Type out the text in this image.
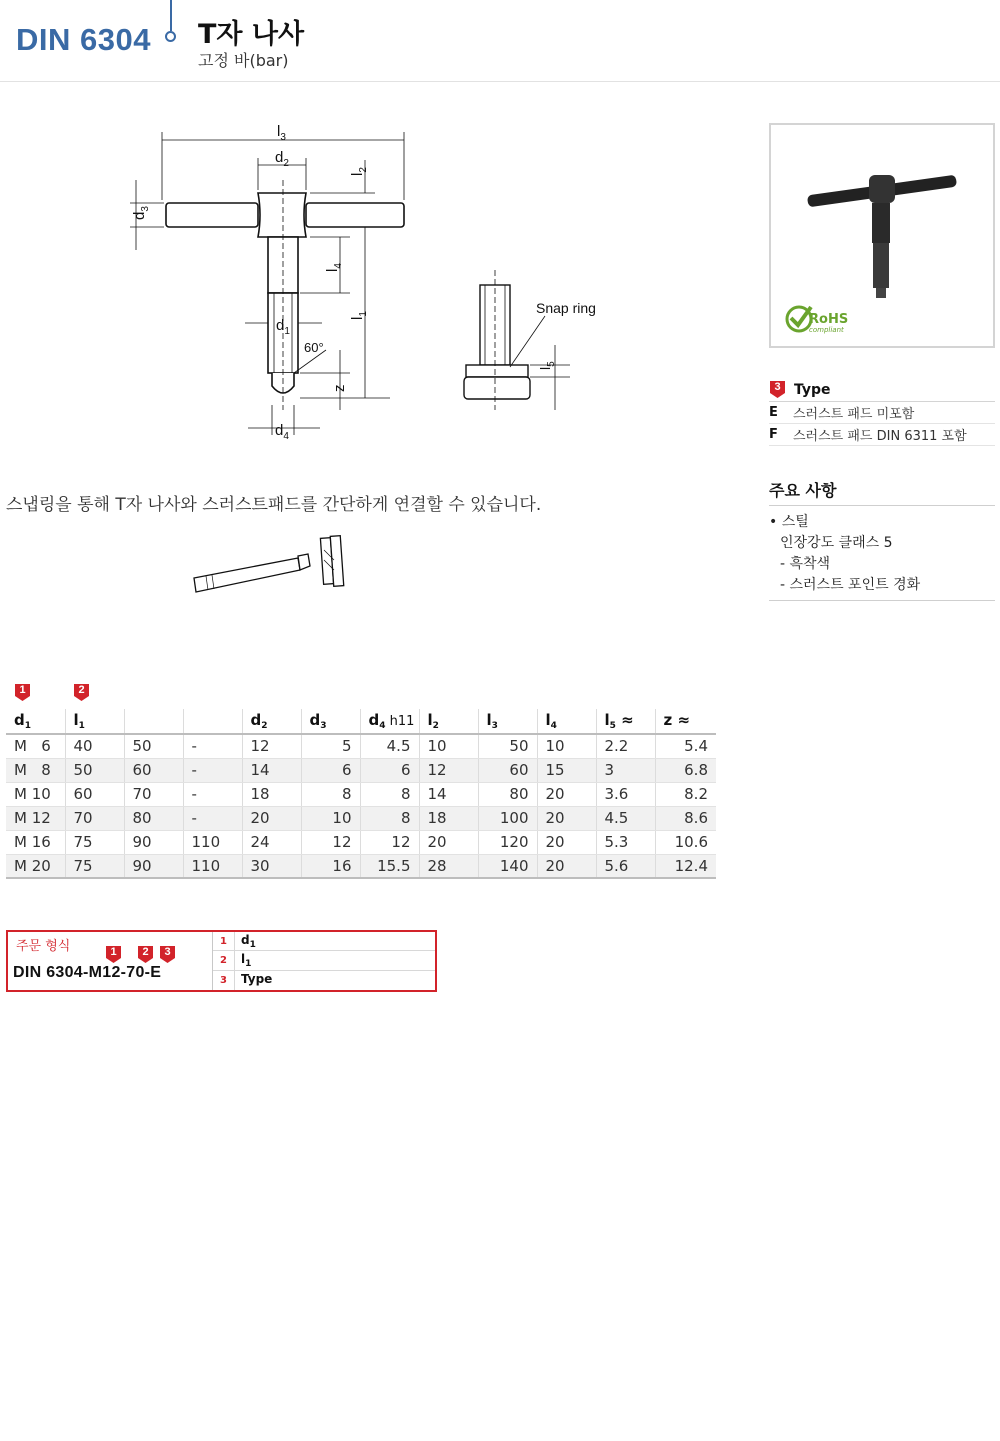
DIN 6304 T자 나사
고정 바(bar)
$l_3$
$d_2$
$d_3$
$l_2$
$l_4$
$l_1$
$d_1$
60°
z
$d_4$
Snap ring
$l_5$
RoHS
compliant
3 Type
E	스러스트 패드 미포함
F	스러스트 패드 DIN 6311 포함
주요 사항
• 스틸
인장강도 클래스 5
- 흑착색
- 스러스트 포인트 경화
스냅링을 통해 T자 나사와 스러스트패드를 간단하게 연결할 수 있습니다.
1	2
$d_1$	$l_1$			$d_2$	$d_3$	$d_4$ h11	$l_2$	$l_3$	$l_4$	$l_5$ ≈	z ≈
M   6	40	50	-	12	5	4.5	10	50	10	2.2	5.4
M   8	50	60	-	14	6	6	12	60	15	3	6.8
M 10	60	70	-	18	8	8	14	80	20	3.6	8.2
M 12	70	80	-	20	10	8	18	100	20	4.5	8.6
M 16	75	90	110	24	12	12	20	120	20	5.3	10.6
M 20	75	90	110	30	16	15.5	28	140	20	5.6	12.4
주문 형식	1	2	3
DIN 6304-M12-70-E
1	$d_1$
2	$l_1$
3	Type
